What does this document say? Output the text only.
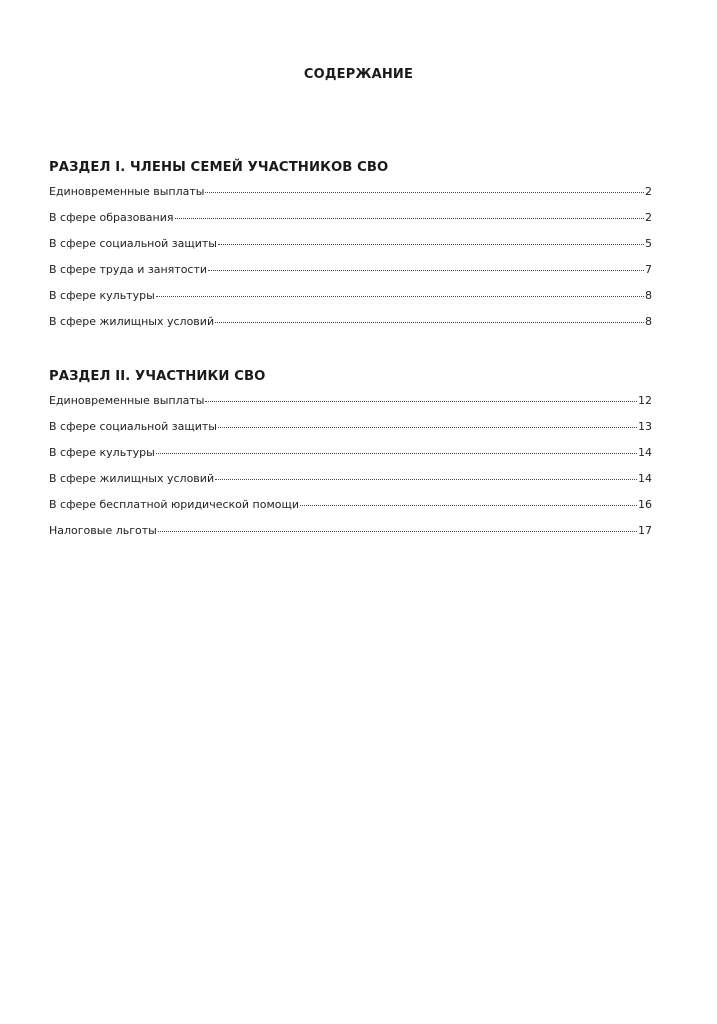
СОДЕРЖАНИЕ
РАЗДЕЛ I. ЧЛЕНЫ СЕМЕЙ УЧАСТНИКОВ СВО
Единовременные выплаты	2
В сфере образования	2
В сфере социальной защиты	5
В сфере труда и занятости	7
В сфере культуры	8
В сфере жилищных условий	8
РАЗДЕЛ II. УЧАСТНИКИ СВО
Единовременные выплаты	12
В сфере социальной защиты	13
В сфере культуры	14
В сфере жилищных условий	14
В сфере бесплатной юридической помощи	16
Налоговые льготы	17
